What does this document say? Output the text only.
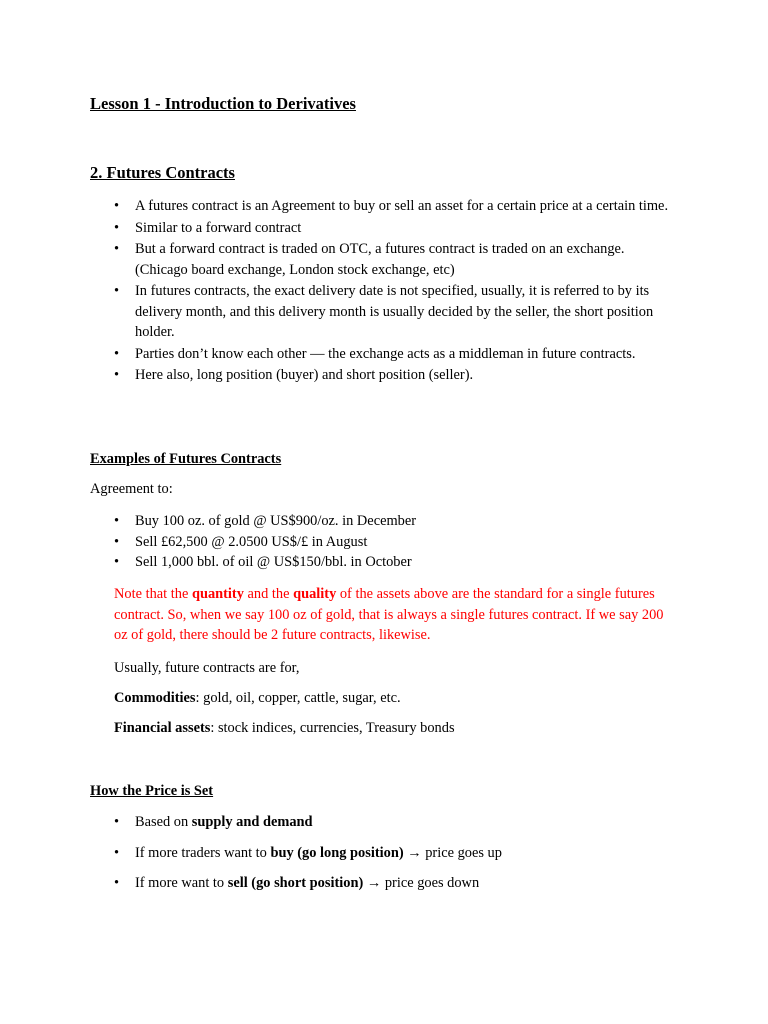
Lesson 1 - Introduction to Derivatives
2. Futures Contracts
• A futures contract is an Agreement to buy or sell an asset for a certain price at a certain time.
• Similar to a forward contract
• But a forward contract is traded on OTC, a futures contract is traded on an exchange. (Chicago board exchange, London stock exchange, etc)
• In futures contracts, the exact delivery date is not specified, usually, it is referred to by its delivery month, and this delivery month is usually decided by the seller, the short position holder.
• Parties don’t know each other — the exchange acts as a middleman in future contracts.
• Here also, long position (buyer) and short position (seller).
Examples of Futures Contracts

Agreement to:

• Buy 100 oz. of gold @ US$900/oz. in December
• Sell £62,500 @ 2.0500 US$/£ in August
• Sell 1,000 bbl. of oil @ US$150/bbl. in October

Note that the quantity and the quality of the assets above are the standard for a single futures contract. So, when we say 100 oz of gold, that is always a single futures contract. If we say 200 oz of gold, there should be 2 future contracts, likewise.

Usually, future contracts are for,

Commodities: gold, oil, copper, cattle, sugar, etc.

Financial assets: stock indices, currencies, Treasury bonds

How the Price is Set
• Based on supply and demand
• If more traders want to buy (go long position) → price goes up
• If more want to sell (go short position) → price goes down
